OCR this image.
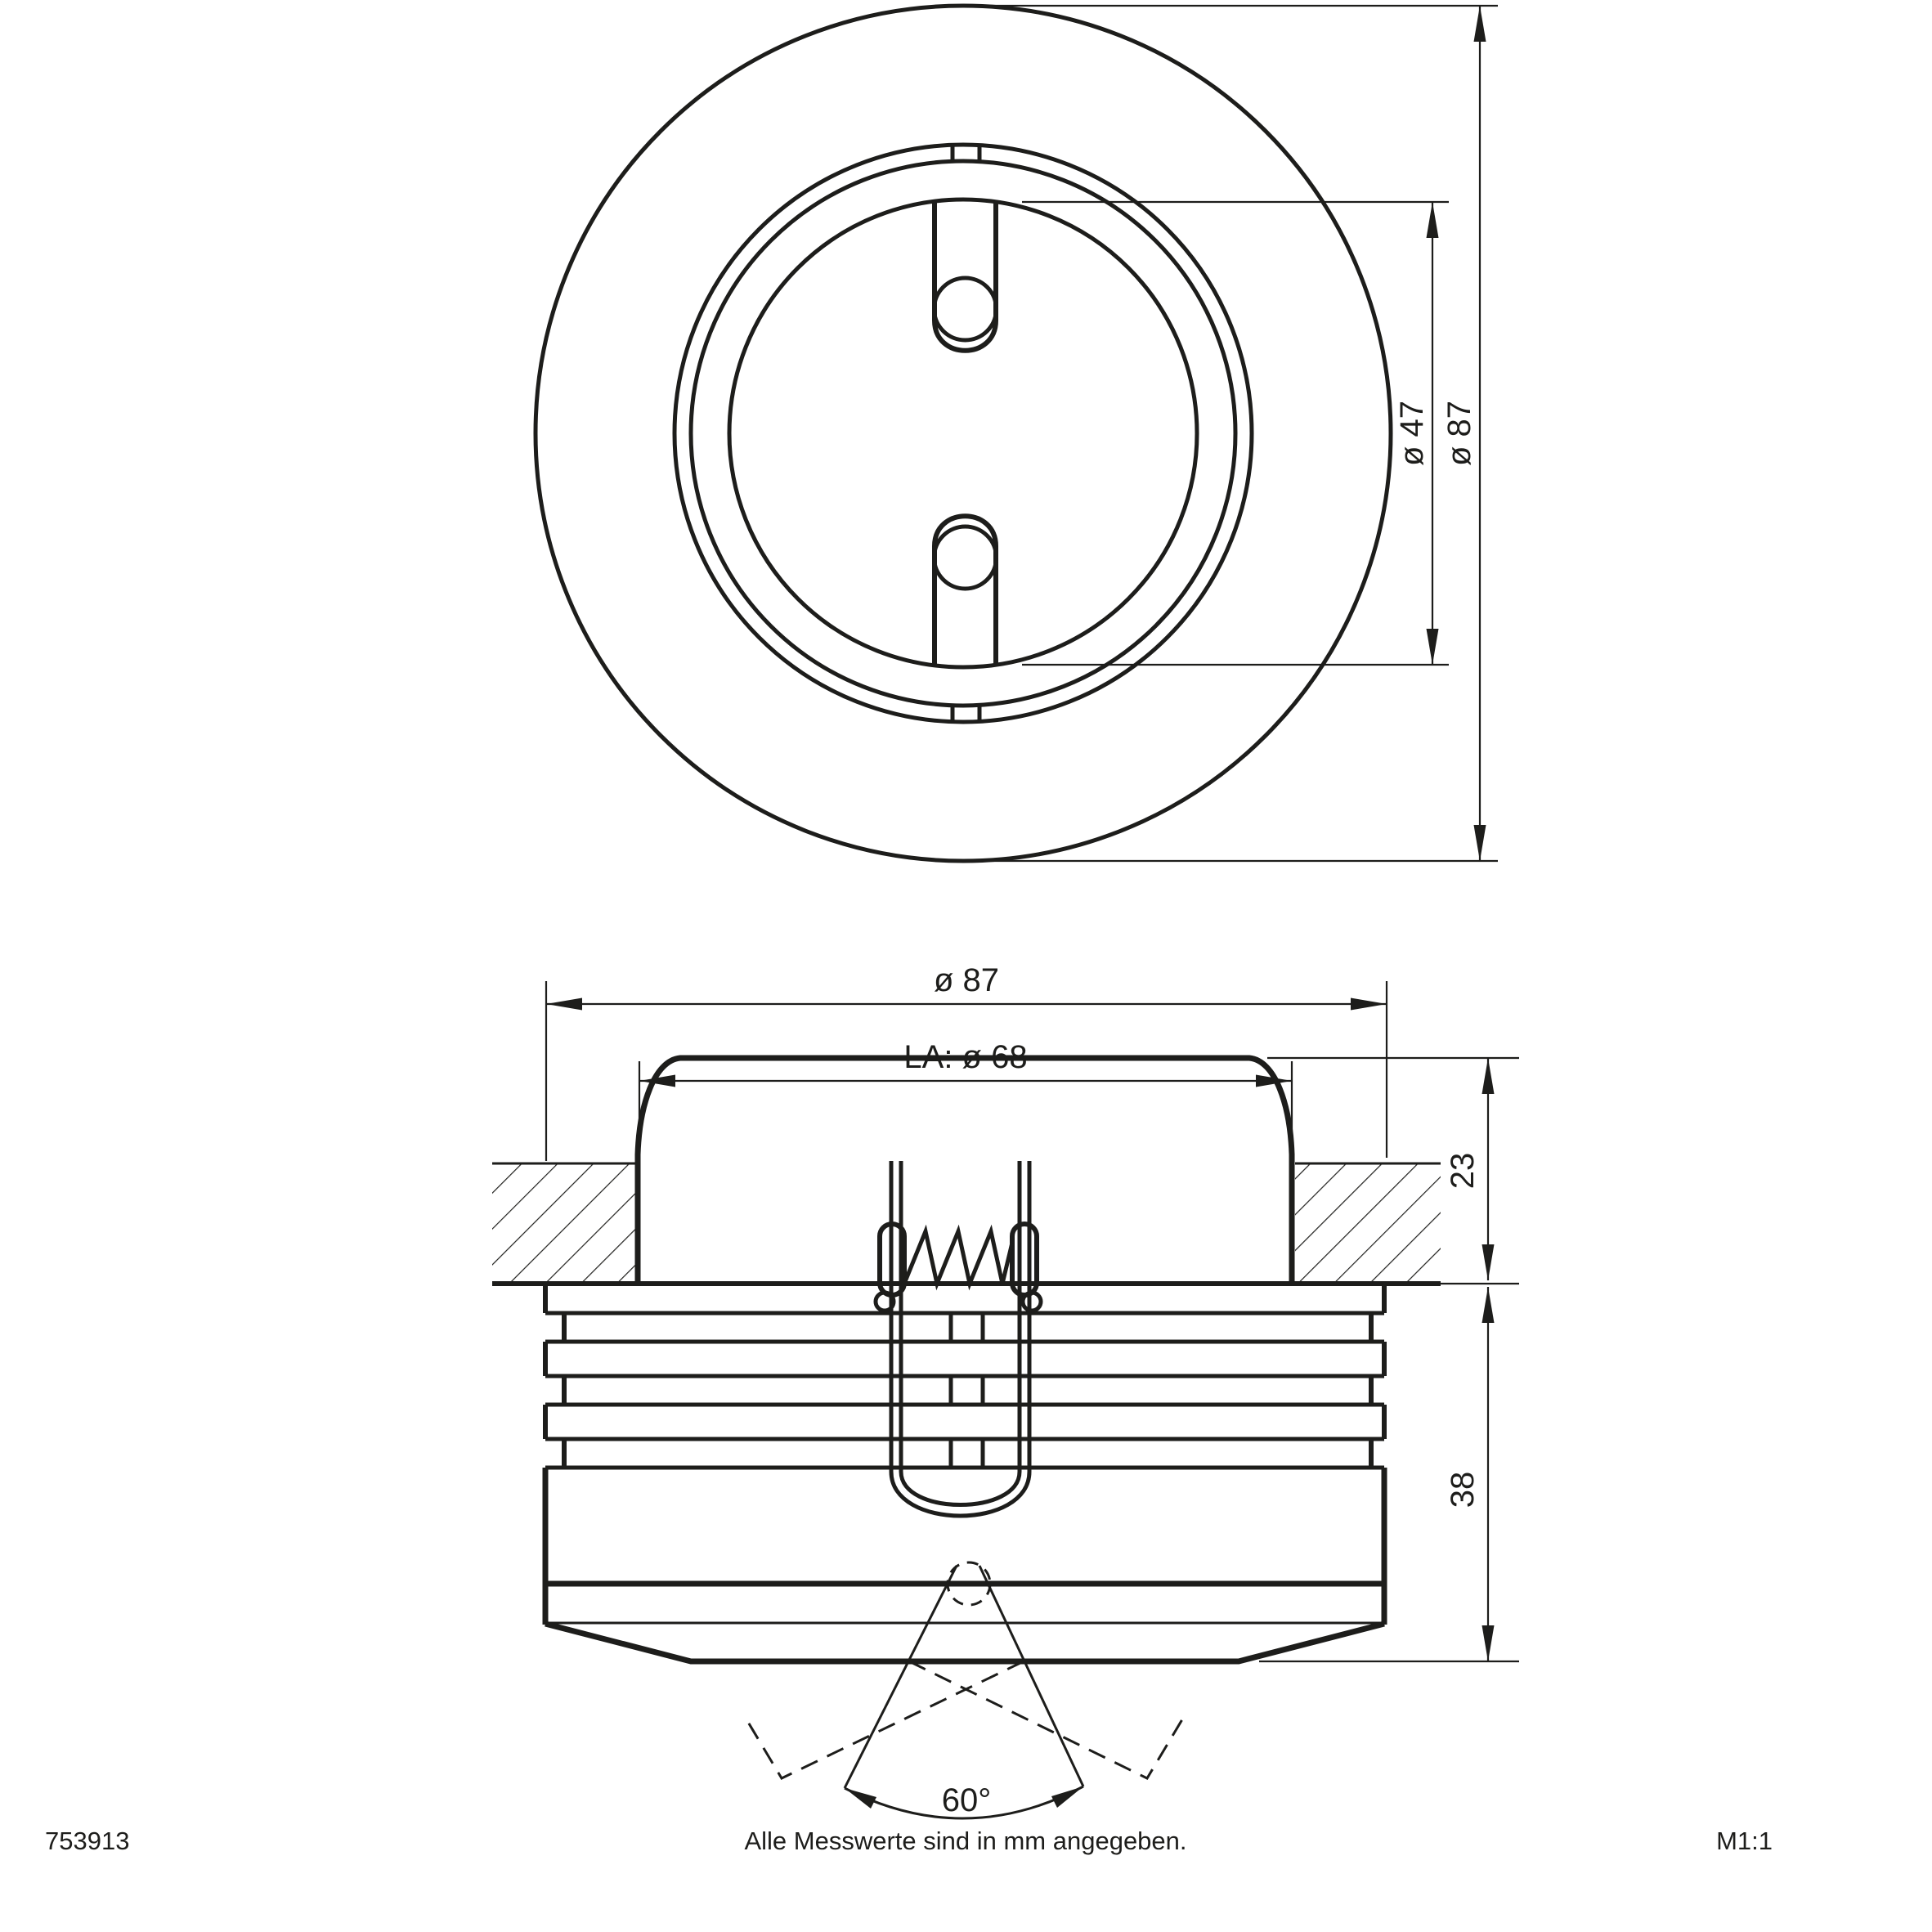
ø 47 ø 87
60°
ø 87
LA: ø 68
23
38
753913	Alle Messwerte sind in mm angegeben.	M1:1
